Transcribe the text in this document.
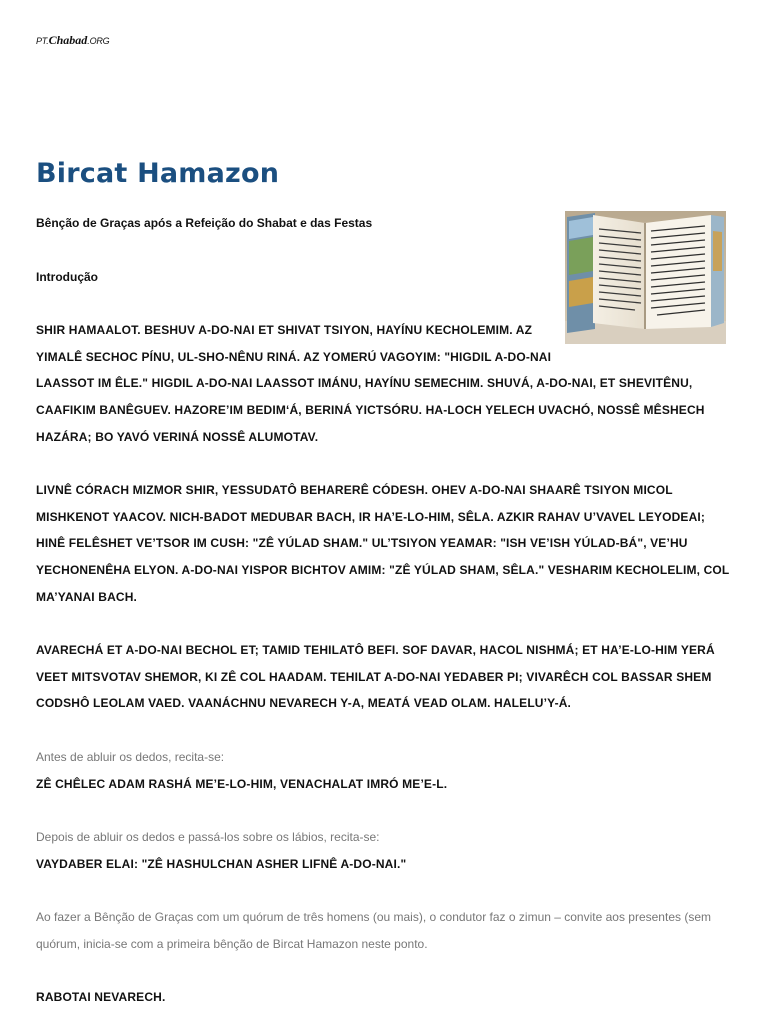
PT.Chabad.ORG
Bircat Hamazon

Bênção de Graças após a Refeição do Shabat e das Festas

Introdução

SHIR HAMAALOT. BESHUV A-DO-NAI ET SHIVAT TSIYON, HAYÍNU KECHOLEMIM. AZ YIMALÊ SECHOC PÍNU, UL-SHO-NÊNU RINÁ. AZ YOMERÚ VAGOYIM: "HIGDIL A-DO-NAI LAASSOT IM ÊLE." HIGDIL A-DO-NAI LAASSOT IMÁNU, HAYÍNU SEMECHIM. SHUVÁ, A-DO-NAI, ET SHEVITÊNU, CAAFIKIM BANÊGUEV. HAZORE’IM BEDIM‘Á, BERINÁ YICTSÓRU. HA-LOCH YELECH UVACHÓ, NOSSÊ MÊSHECH HAZÁRA; BO YAVÓ VERINÁ NOSSÊ ALUMOTAV.

LIVNÊ CÓRACH MIZMOR SHIR, YESSUDATÔ BEHARERÊ CÓDESH. OHEV A-DO-NAI SHAARÊ TSIYON MICOL MISHKENOT YAACOV. NICH-BADOT MEDUBAR BACH, IR HA’E-LO-HIM, SÊLA. AZKIR RAHAV U’VAVEL LEYODEAI; HINÊ FELÊSHET VE’TSOR IM CUSH: "ZÊ YÚLAD SHAM." UL’TSIYON YEAMAR: "ISH VE’ISH YÚLAD-BÁ", VE’HU YECHONENÊHA ELYON. A-DO-NAI YISPOR BICHTOV AMIM: "ZÊ YÚLAD SHAM, SÊLA." VESHARIM KECHOLELIM, COL MA’YANAI BACH.

AVARECHÁ ET A-DO-NAI BECHOL ET; TAMID TEHILATÔ BEFI. SOF DAVAR, HACOL NISHMÁ; ET HA’E-LO-HIM YERÁ VEET MITSVOTAV SHEMOR, KI ZÊ COL HAADAM. TEHILAT A-DO-NAI YEDABER PI; VIVARÊCH COL BASSAR SHEM CODSHÔ LEOLAM VAED. VAANÁCHNU NEVARECH Y-A, MEATÁ VEAD OLAM. HALELU’Y-Á.

Antes de abluir os dedos, recita-se:

ZÊ CHÊLEC ADAM RASHÁ ME’E-LO-HIM, VENACHALAT IMRÓ ME’E-L.

Depois de abluir os dedos e passá-los sobre os lábios, recita-se:

VAYDABER ELAI: "ZÊ HASHULCHAN ASHER LIFNÊ A-DO-NAI."

Ao fazer a Bênção de Graças com um quórum de três homens (ou mais), o condutor faz o zimun – convite aos presentes (sem quórum, inicia-se com a primeira bênção de Bircat Hamazon neste ponto.

RABOTAI NEVARECH.
